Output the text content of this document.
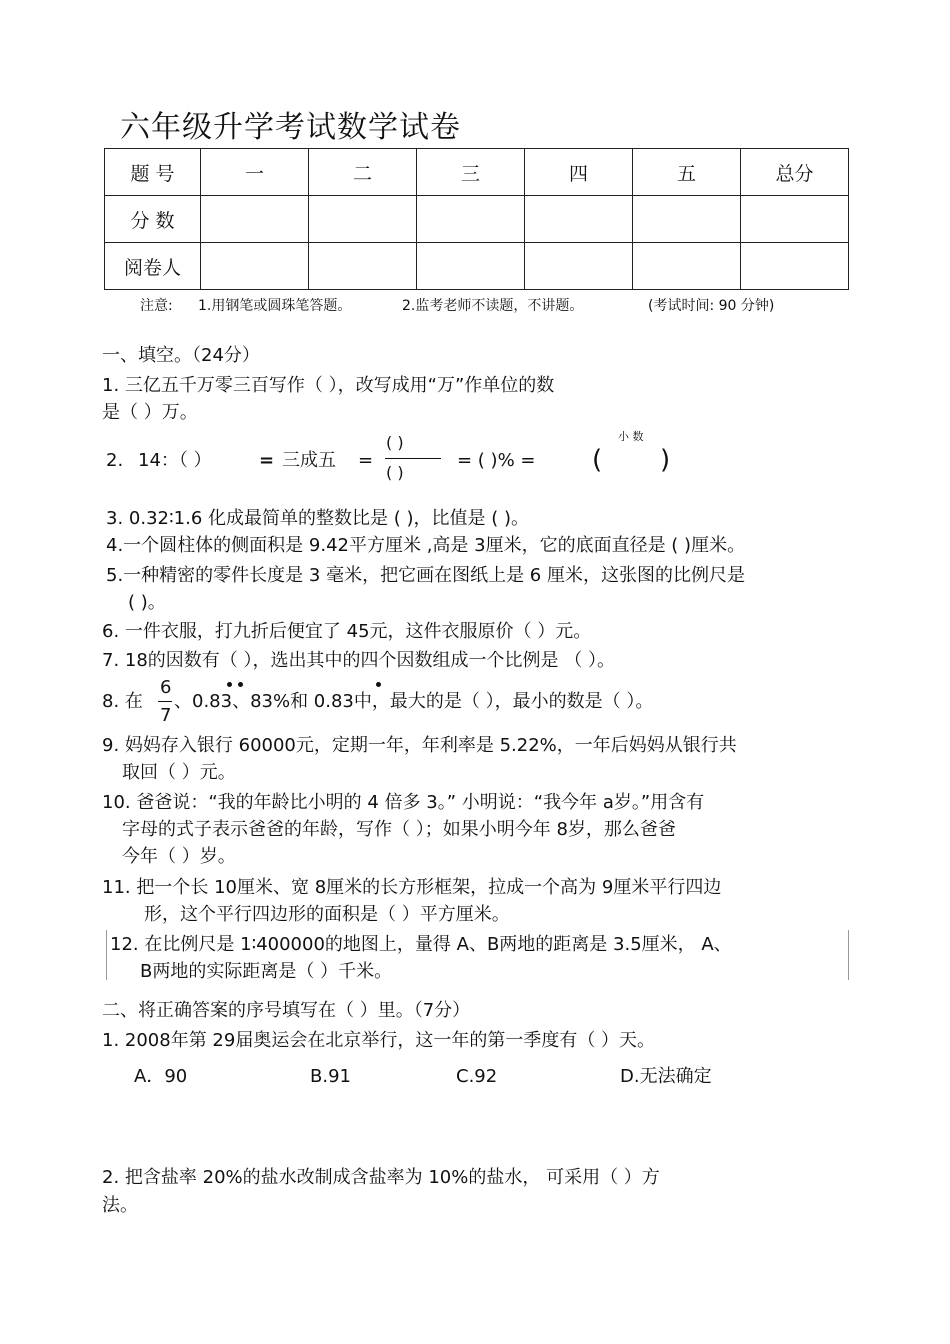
六年级升学考试数学试卷
题 号	一	二	三	四	五	总分
分 数						
阅卷人						
注意: 1.用钢笔或圆珠笔答题。	2.监考老师不读题，不讲题。	(考试时间: 90 分钟)
一、填空。（24分）
1. 三亿五千万零三百写作（ ），改写成用“万”作单位的数
是（ ）万。
2. 14：（ ）	= 三成五 =
( )
( )
= ( )% =
小 数
( )
3. 0.32∶1.6 化成最简单的整数比是 ( )，比值是 ( )。
4.一个圆柱体的侧面积是 9.42平方厘米 ,高是 3厘米，它的底面直径是 ( )厘米。
5.一种精密的零件长度是 3 毫米，把它画在图纸上是 6 厘米，这张图的比例尺是
( )。
6. 一件衣服，打九折后便宜了 45元，这件衣服原价（ ）元。
7. 18的因数有（ ），选出其中的四个因数组成一个比例是 （ ）。
8. 在
6
7
、0.83、83%和 0.83中，最大的是（ ），最小的数是（ ）。
9. 妈妈存入银行 60000元，定期一年，年利率是 5.22%，一年后妈妈从银行共
取回（ ）元。
10. 爸爸说：“我的年龄比小明的 4 倍多 3。” 小明说：“我今年 a岁。”用含有
字母的式子表示爸爸的年龄，写作（ ）；如果小明今年 8岁，那么爸爸
今年（ ）岁。
11. 把一个长 10厘米、宽 8厘米的长方形框架，拉成一个高为 9厘米平行四边
形，这个平行四边形的面积是（ ）平方厘米。
12. 在比例尺是 1∶400000的地图上，量得 A、B两地的距离是 3.5厘米， A、
B两地的实际距离是（ ）千米。
二、将正确答案的序号填写在（ ）里。（7分）
1. 2008年第 29届奥运会在北京举行，这一年的第一季度有（ ）天。
A．90	B.91	C.92	D.无法确定
2. 把含盐率 20%的盐水改制成含盐率为 10%的盐水， 可采用（ ）方
法。
